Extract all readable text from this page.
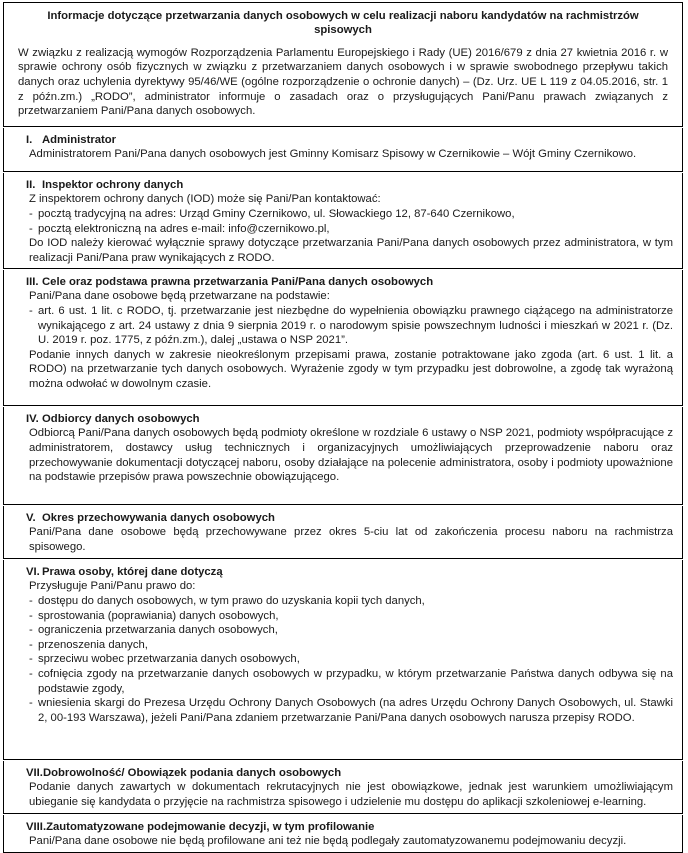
Informacje dotyczące przetwarzania danych osobowych w celu realizacji naboru kandydatów na rachmistrzów spisowych

W związku z realizacją wymogów Rozporządzenia Parlamentu Europejskiego i Rady (UE) 2016/679 z dnia 27 kwietnia 2016 r. w sprawie ochrony osób fizycznych w związku z przetwarzaniem danych osobowych i w sprawie swobodnego przepływu takich danych oraz uchylenia dyrektywy 95/46/WE (ogólne rozporządzenie o ochronie danych) – (Dz. Urz. UE L 119 z 04.05.2016, str. 1 z późn.zm.) „RODO”, administrator informuje o zasadach oraz o przysługujących Pani/Panu prawach związanych z przetwarzaniem Pani/Pana danych osobowych.

I. Administrator

Administratorem Pani/Pana danych osobowych jest Gminny Komisarz Spisowy w Czernikowie – Wójt Gminy Czernikowo.

II. Inspektor ochrony danych

Z inspektorem ochrony danych (IOD) może się Pani/Pan kontaktować:

- pocztą tradycyjną na adres: Urząd Gminy Czernikowo, ul. Słowackiego 12, 87-640 Czernikowo,
- pocztą elektroniczną na adres e-mail: info@czernikowo.pl,

Do IOD należy kierować wyłącznie sprawy dotyczące przetwarzania Pani/Pana danych osobowych przez administratora, w tym realizacji Pani/Pana praw wynikających z RODO.

III. Cele oraz podstawa prawna przetwarzania Pani/Pana danych osobowych

Pani/Pana dane osobowe będą przetwarzane na podstawie:

- art. 6 ust. 1 lit. c RODO, tj. przetwarzanie jest niezbędne do wypełnienia obowiązku prawnego ciążącego na administratorze wynikającego z art. 24 ustawy z dnia 9 sierpnia 2019 r. o narodowym spisie powszechnym ludności i mieszkań w 2021 r. (Dz. U. 2019 r. poz. 1775, z późn.zm.), dalej „ustawa o NSP 2021”.

Podanie innych danych w zakresie nieokreślonym przepisami prawa, zostanie potraktowane jako zgoda (art. 6 ust. 1 lit. a RODO) na przetwarzanie tych danych osobowych. Wyrażenie zgody w tym przypadku jest dobrowolne, a zgodę tak wyrażoną można odwołać w dowolnym czasie.

IV. Odbiorcy danych osobowych

Odbiorcą Pani/Pana danych osobowych będą podmioty określone w rozdziale 6 ustawy o NSP 2021, podmioty współpracujące z administratorem, dostawcy usług technicznych i organizacyjnych umożliwiających przeprowadzenie naboru oraz przechowywanie dokumentacji dotyczącej naboru, osoby działające na polecenie administratora, osoby i podmioty upoważnione na podstawie przepisów prawa powszechnie obowiązującego.

V. Okres przechowywania danych osobowych

Pani/Pana dane osobowe będą przechowywane przez okres 5-ciu lat od zakończenia procesu naboru na rachmistrza spisowego.

VI. Prawa osoby, której dane dotyczą

Przysługuje Pani/Panu prawo do:

- dostępu do danych osobowych, w tym prawo do uzyskania kopii tych danych,
- sprostowania (poprawiania) danych osobowych,
- ograniczenia przetwarzania danych osobowych,
- przenoszenia danych,
- sprzeciwu wobec przetwarzania danych osobowych,
- cofnięcia zgody na przetwarzanie danych osobowych w przypadku, w którym przetwarzanie Państwa danych odbywa się na podstawie zgody,
- wniesienia skargi do Prezesa Urzędu Ochrony Danych Osobowych (na adres Urzędu Ochrony Danych Osobowych, ul. Stawki 2, 00-193 Warszawa), jeżeli Pani/Pana zdaniem przetwarzanie Pani/Pana danych osobowych narusza przepisy RODO.
VII. Dobrowolność/ Obowiązek podania danych osobowych

Podanie danych zawartych w dokumentach rekrutacyjnych nie jest obowiązkowe, jednak jest warunkiem umożliwiającym ubieganie się kandydata o przyjęcie na rachmistrza spisowego i udzielenie mu dostępu do aplikacji szkoleniowej e-learning.

VIII. Zautomatyzowane podejmowanie decyzji, w tym profilowanie

Pani/Pana dane osobowe nie będą profilowane ani też nie będą podlegały zautomatyzowanemu podejmowaniu decyzji.
